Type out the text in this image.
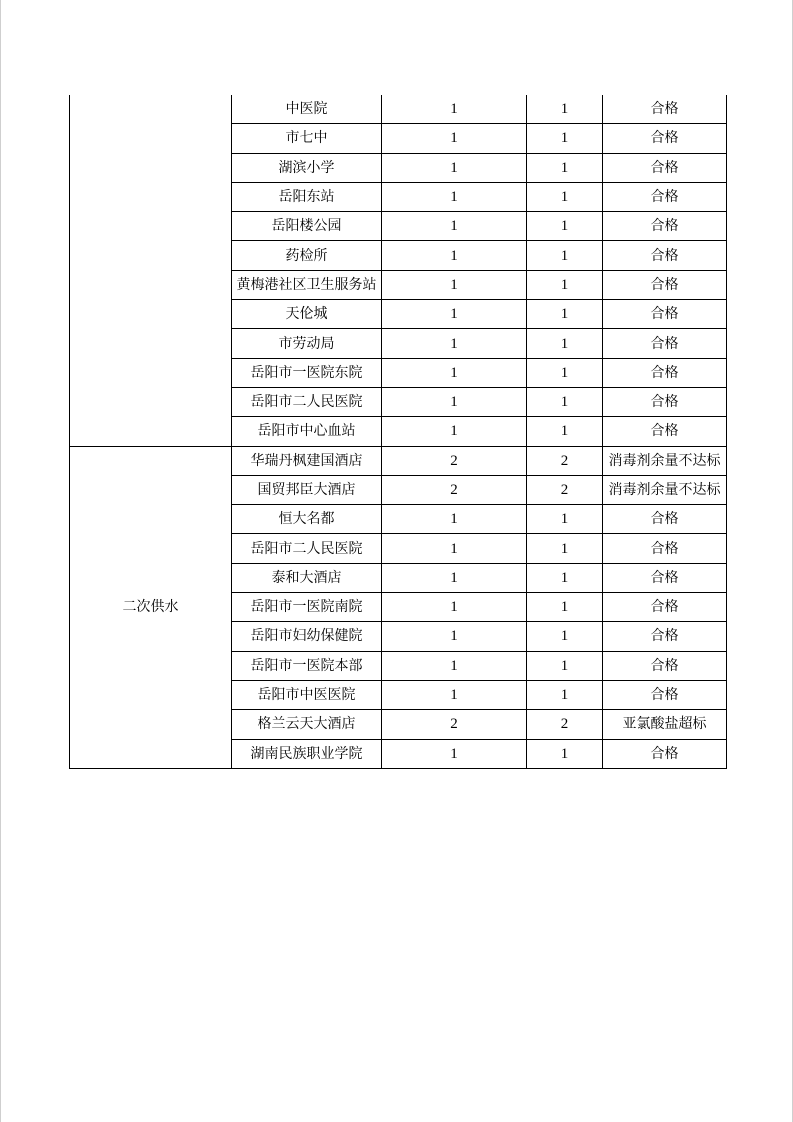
	中医院	1	1	合格
	市七中	1	1	合格
	湖滨小学	1	1	合格
	岳阳东站	1	1	合格
	岳阳楼公园	1	1	合格
	药检所	1	1	合格
	黄梅港社区卫生服务站	1	1	合格
	天伦城	1	1	合格
	市劳动局	1	1	合格
	岳阳市一医院东院	1	1	合格
	岳阳市二人民医院	1	1	合格
	岳阳市中心血站	1	1	合格
二次供水	华瑞丹枫建国酒店	2	2	消毒剂余量不达标
	国贸邦臣大酒店	2	2	消毒剂余量不达标
	恒大名都	1	1	合格
	岳阳市二人民医院	1	1	合格
	泰和大酒店	1	1	合格
	岳阳市一医院南院	1	1	合格
	岳阳市妇幼保健院	1	1	合格
	岳阳市一医院本部	1	1	合格
	岳阳市中医医院	1	1	合格
	格兰云天大酒店	2	2	亚氯酸盐超标
	湖南民族职业学院	1	1	合格
